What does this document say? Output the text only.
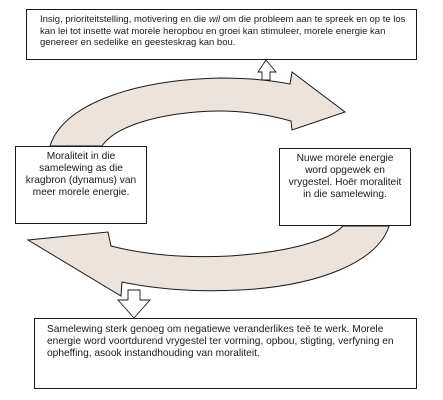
Insig, prioriteitstelling, motivering en die wil om die probleem aan te spreek en op te los kan lei tot insette wat morele heropbou en groei kan stimuleer, morele energie kan genereer en sedelike en geesteskrag kan bou.

Moraliteit in die samelewing as die kragbron (dynamus) van meer morele energie.

Nuwe morele energie word opgewek en vrygestel. Hoër moraliteit in die samelewing.

Samelewing sterk genoeg om negatiewe veranderlikes teë te werk. Morele energie word voortdurend vrygestel ter vorming, opbou, stigting, verfyning en opheffing, asook instandhouding van moraliteit.
